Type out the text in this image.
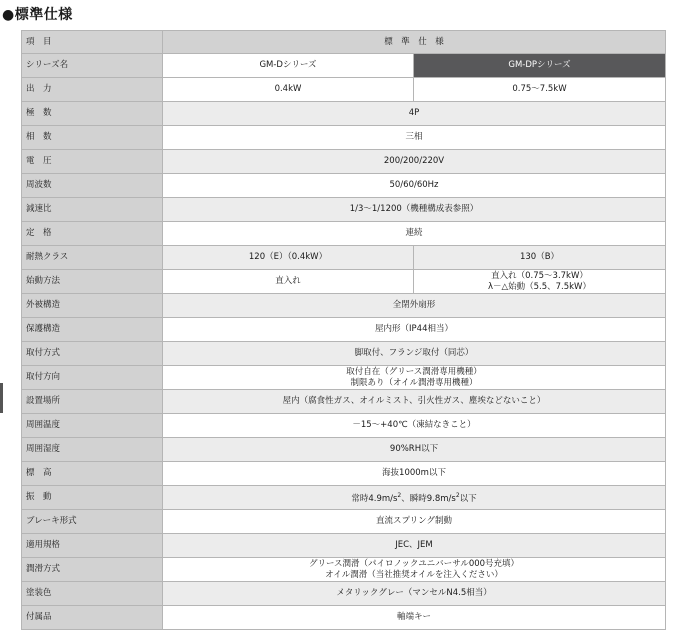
●標準仕様
項　目	標　準　仕　様	
シリーズ名	GM-Dシリーズ	GM-DPシリーズ
出　力	0.4kW	0.75～7.5kW
極　数	4P	
相　数	三相	
電　圧	200/200/220V	
周波数	50/60/60Hz	
減速比	1/3～1/1200（機種構成表参照）	
定　格	連続	
耐熱クラス	120（E）（0.4kW）	130（B）
始動方法	直入れ	直入れ（0.75～3.7kW）
λ－△始動（5.5、7.5kW）

外被構造	全閉外扇形	
保護構造	屋内形（IP44相当）	
取付方式	脚取付、フランジ取付（同芯）	
取付方向	取付自在（グリース潤滑専用機種）
制限あり（オイル潤滑専用機種）	

設置場所	屋内（腐食性ガス、オイルミスト、引火性ガス、塵埃などないこと）	
周囲温度	－15～+40℃（凍結なきこと）	
周囲湿度	90%RH以下	
標　高	海抜1000m以下	
振　動	常時$4.9m/s^2$、瞬時$9.8m/s^2$以下	
ブレーキ形式	直流スプリング制動	
適用規格	JEC、JEM	
潤滑方式	グリース潤滑（パイロノックユニバーサル000号充填）
オイル潤滑（当社推奨オイルを注入ください）	

塗装色	メタリックグレー（マンセルN4.5相当）	
付属品	軸端キー	
